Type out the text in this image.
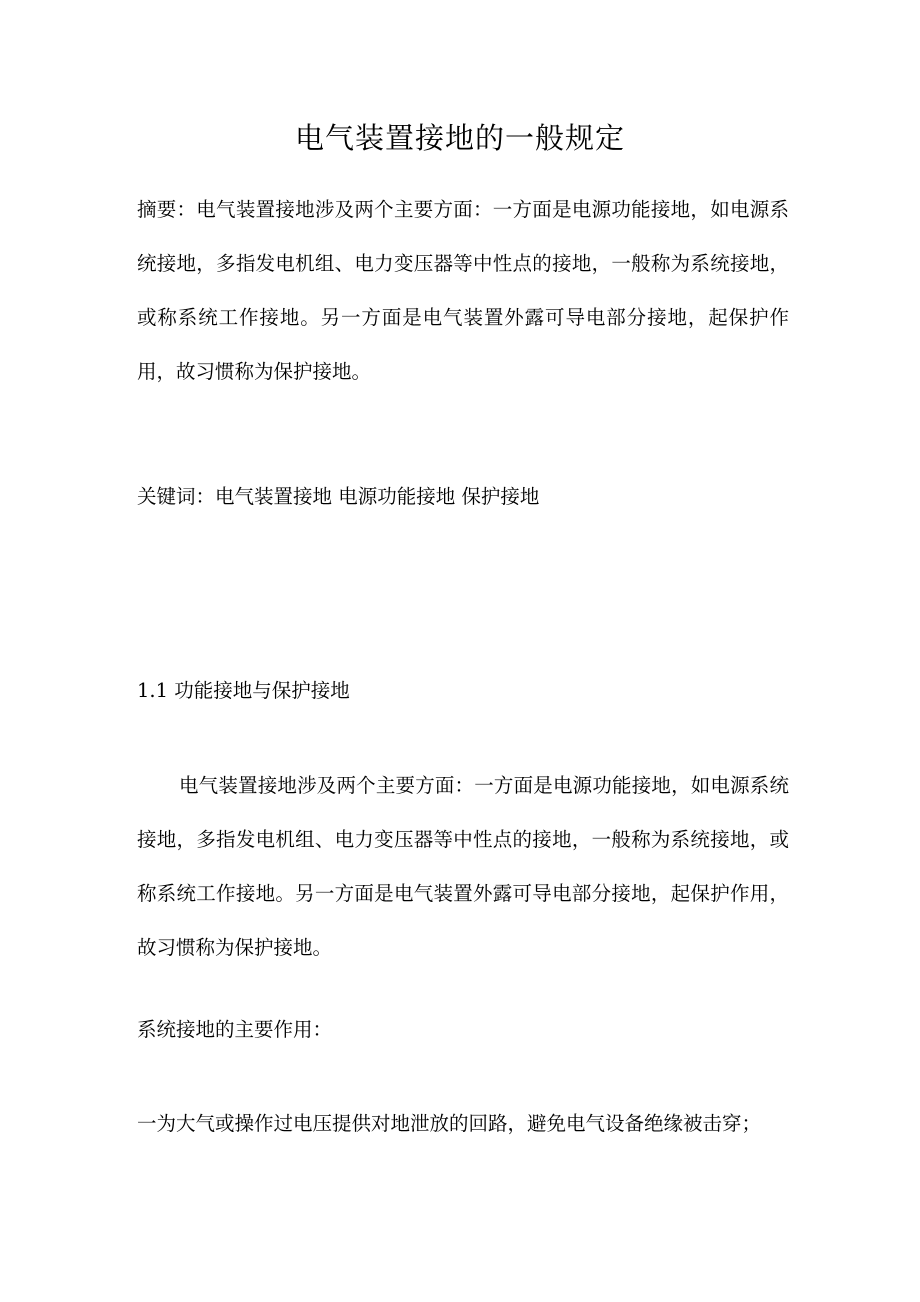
电气装置接地的一般规定

摘要：电气装置接地涉及两个主要方面：一方面是电源功能接地，如电源系统接地，多指发电机组、电力变压器等中性点的接地，一般称为系统接地，或称系统工作接地。另一方面是电气装置外露可导电部分接地，起保护作用，故习惯称为保护接地。

关键词：电气装置接地 电源功能接地 保护接地

1.1 功能接地与保护接地

电气装置接地涉及两个主要方面：一方面是电源功能接地，如电源系统接地，多指发电机组、电力变压器等中性点的接地，一般称为系统接地，或称系统工作接地。另一方面是电气装置外露可导电部分接地，起保护作用，故习惯称为保护接地。

系统接地的主要作用：

一为大气或操作过电压提供对地泄放的回路，避免电气设备绝缘被击穿；
